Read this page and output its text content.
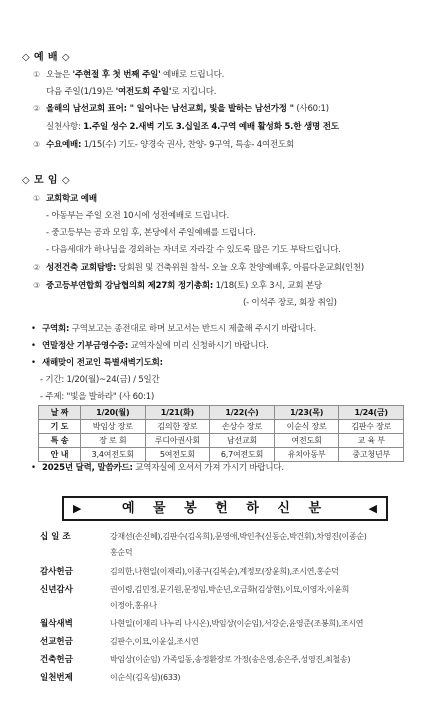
◇ 예 배 ◇
① 오늘은 '주현절 후 첫 번째 주일' 예배로 드립니다.
다음 주일(1/19)은 '여전도회 주일'로 지킵니다.
② 올해의 남선교회 표어: " 일어나는 남선교회, 빛을 발하는 남선가정 " (사60:1)
실천사항: 1.주일 성수 2.새벽 기도 3.십일조 4.구역 예배 활성화 5.한 생명 전도
③ 수요예배: 1/15(수) 기도- 양경숙 권사, 찬양- 9구역, 특송- 4여전도회
◇ 모 임 ◇
① 교회학교 예배
- 아동부는 주일 오전 10시에 성전예배로 드립니다.
- 중고등부는 공과 모임 후, 본당에서 주일예배를 드립니다.
- 다음세대가 하나님을 경외하는 자녀로 자라갈 수 있도록 많은 기도 부탁드립니다.
② 성전건축 교회탐방: 당회원 및 건축위원 참석- 오늘 오후 찬양예배후, 아름다운교회(인천)
③ 중고등부연합회 강남협의회 제27회 정기총회: 1/18(토) 오후 3시, 교회 본당
(- 이석주 장로, 회장 취임)
• 구역회: 구역보고는 종전대로 하며 보고서는 반드시 제출해 주시기 바랍니다.
• 연말정산 기부금영수증: 교역자실에 미리 신청하시기 바랍니다.
• 새해맞이 전교인 특별새벽기도회:
- 기간: 1/20(월)~24(금) / 5일간
- 주제: "빛을 발하라" (사 60:1)
날 짜	1/20(월)	1/21(화)	1/22(수)	1/23(목)	1/24(금)
기 도	박임상 장로	김의한 장로	손상수 장로	이순식 장로	김판수 장로
특 송	장 로 회	루디아권사회	남선교회	여전도회	교 육 부
안 내	3,4여전도회	5여전도회	6,7여전도회	유치아동부	중고청년부
• 2025년 달력, 말씀카드: 교역자실에 오셔서 가져 가시기 바랍니다.
▶	예 물 봉 헌 하 신 분	◀
십 일 조	강재선(손신혜),김판수(김옥희),문영애,박인추(신동순,박건휘),차영진(이종순)
홍순덕
감사헌금	김의한,나현일(이재리),이종구(김복순),계정모(장윤희),조시연,홍순덕
신년감사	권이령,김민정,문기원,문정임,박순년,오금화(김상현),이묘,이영자,이윤희
이정아,홍유나
월삭새벽	나현일(이재리 나누리 나시온),박임상(이순임),서강순,윤영준(조봉희),조시연
선교헌금	김판수,이묘,이윤실,조시연
건축헌금	박임상(이순임) 가족일동,송정환장로 가정(송은영,송은주,성영진,최철송)
일천번제	이순식(김옥심)(633)
